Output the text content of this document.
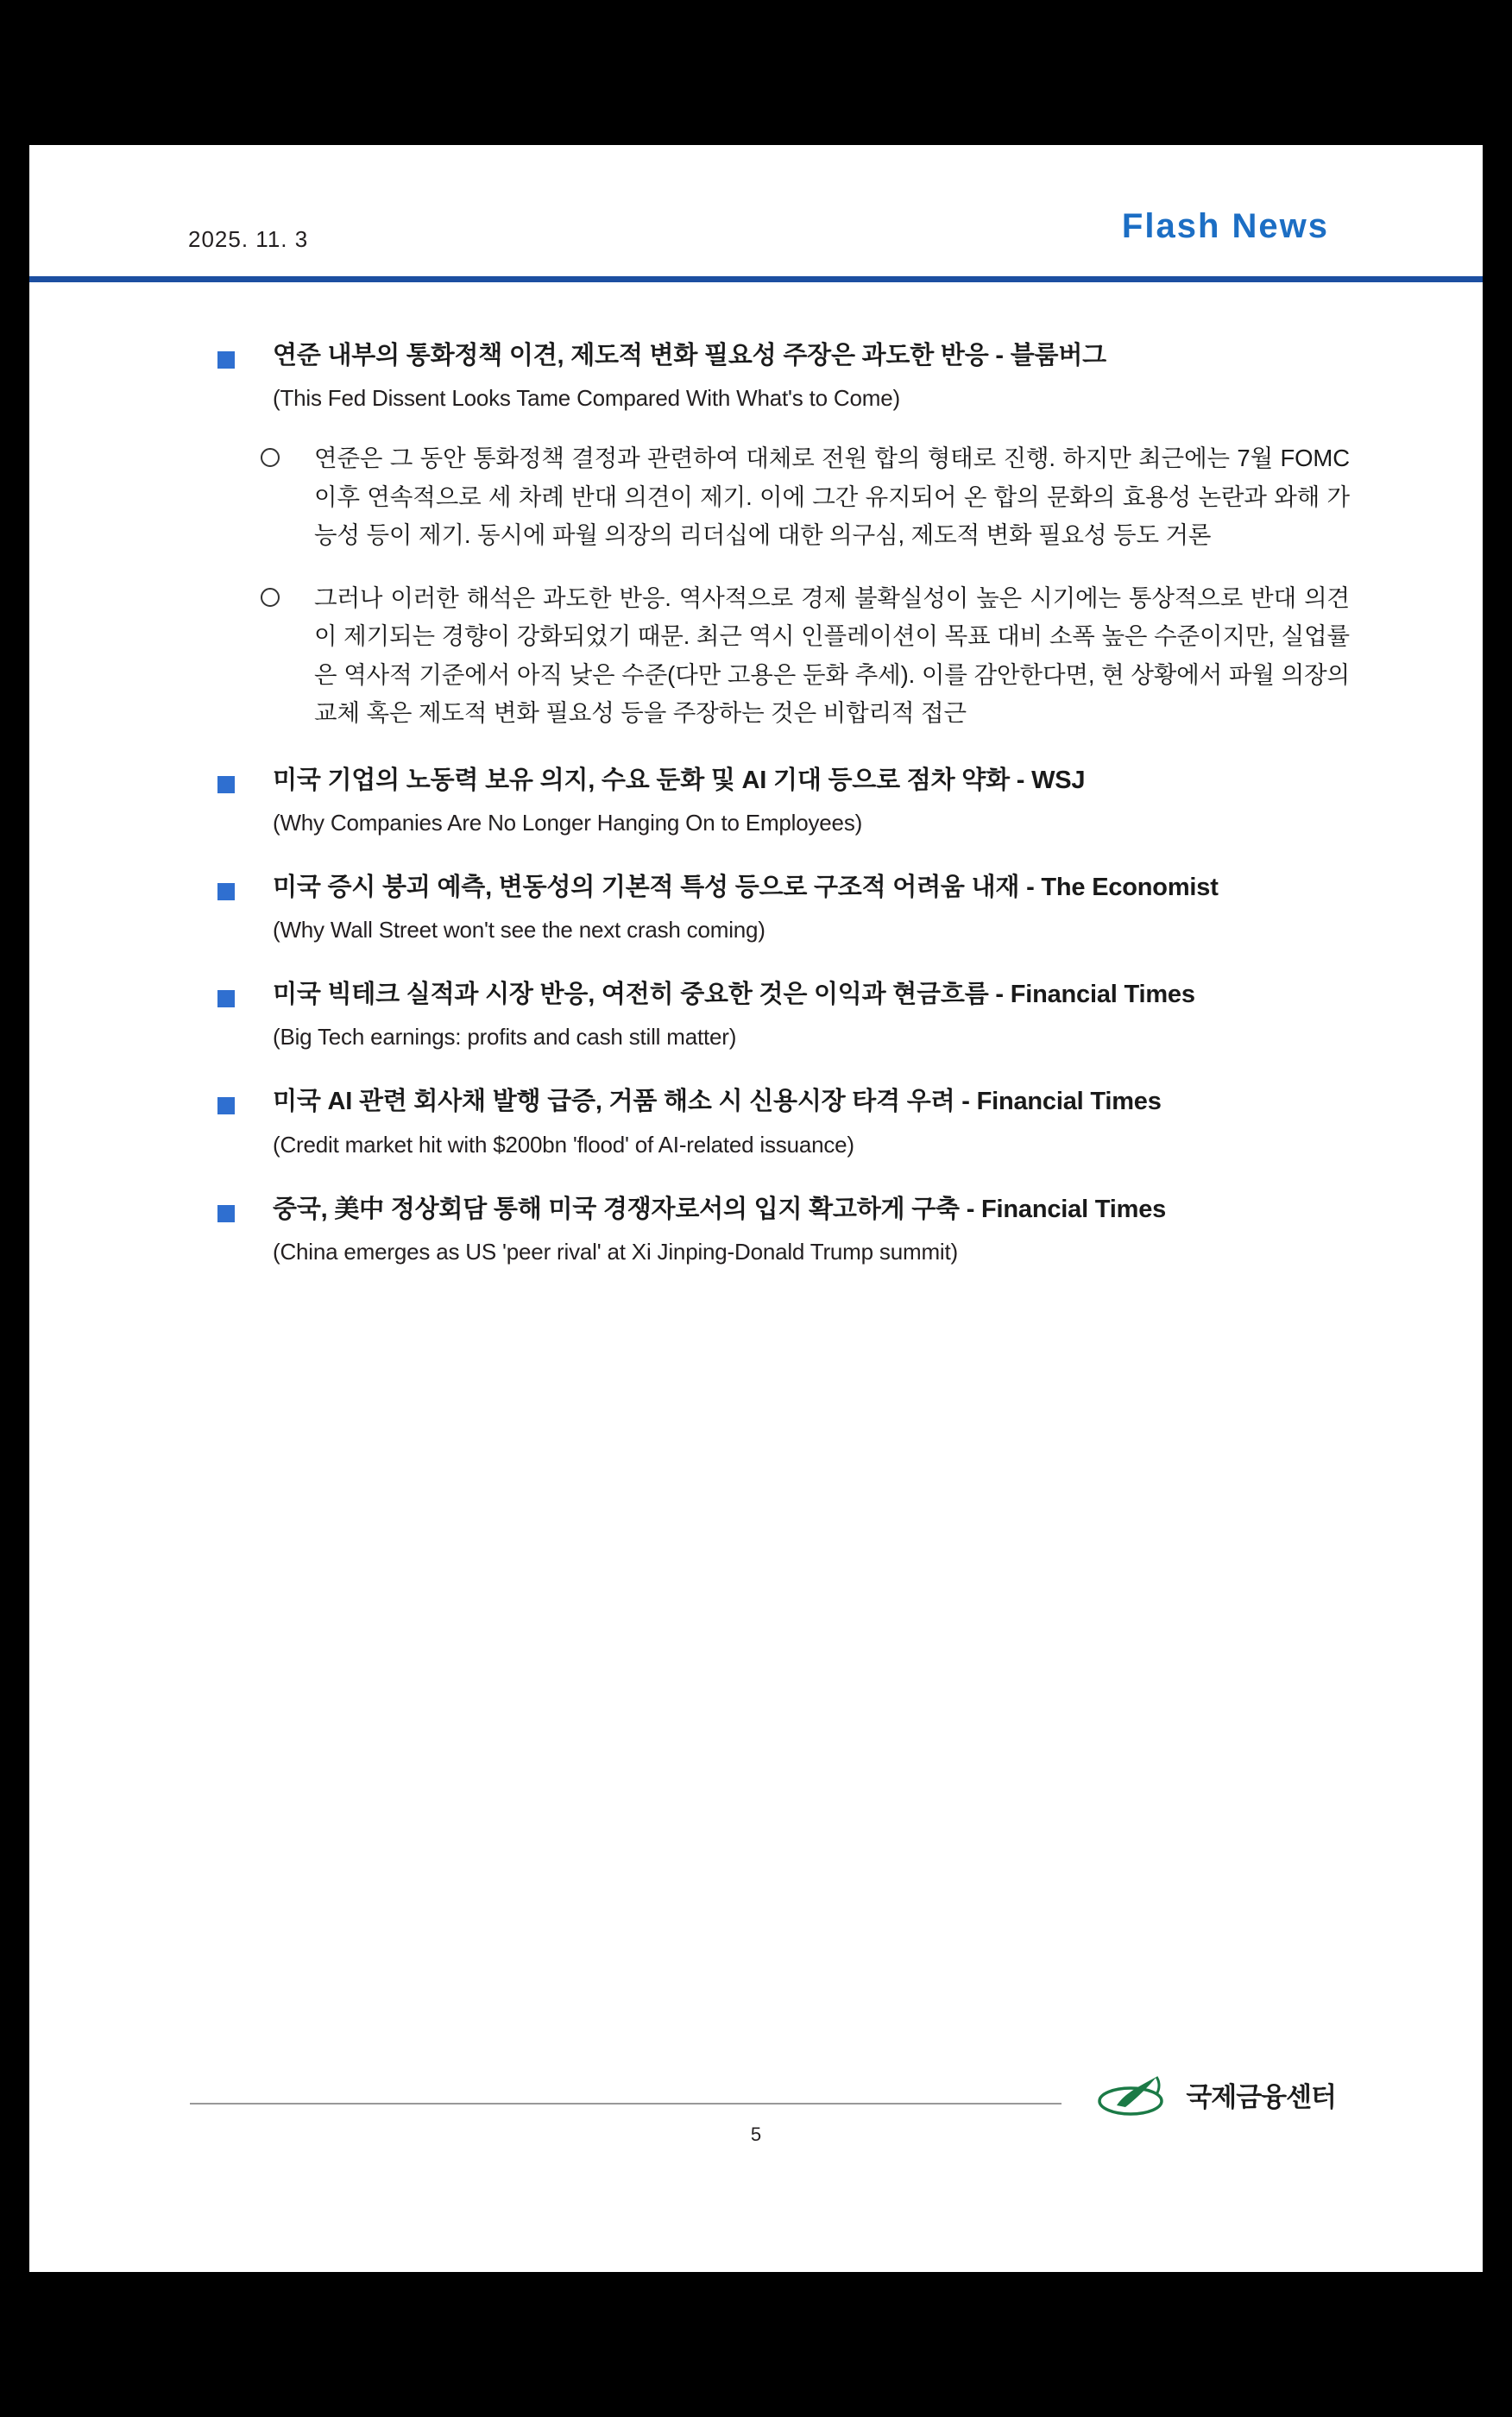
2025. 11. 3	Flash News
연준 내부의 통화정책 이견, 제도적 변화 필요성 주장은 과도한 반응 - 블룸버그
(This Fed Dissent Looks Tame Compared With What's to Come)
연준은 그 동안 통화정책 결정과 관련하여 대체로 전원 합의 형태로 진행. 하지만 최근에는 7월 FOMC 이후 연속적으로 세 차례 반대 의견이 제기. 이에 그간 유지되어 온 합의 문화의 효용성 논란과 와해 가능성 등이 제기. 동시에 파월 의장의 리더십에 대한 의구심, 제도적 변화 필요성 등도 거론
그러나 이러한 해석은 과도한 반응. 역사적으로 경제 불확실성이 높은 시기에는 통상적으로 반대 의견이 제기되는 경향이 강화되었기 때문. 최근 역시 인플레이션이 목표 대비 소폭 높은 수준이지만, 실업률은 역사적 기준에서 아직 낮은 수준(다만 고용은 둔화 추세). 이를 감안한다면, 현 상황에서 파월 의장의 교체 혹은 제도적 변화 필요성 등을 주장하는 것은 비합리적 접근
미국 기업의 노동력 보유 의지, 수요 둔화 및 AI 기대 등으로 점차 약화 - WSJ
(Why Companies Are No Longer Hanging On to Employees)
미국 증시 붕괴 예측, 변동성의 기본적 특성 등으로 구조적 어려움 내재 - The Economist
(Why Wall Street won't see the next crash coming)
미국 빅테크 실적과 시장 반응, 여전히 중요한 것은 이익과 현금흐름 - Financial Times
(Big Tech earnings: profits and cash still matter)
미국 AI 관련 회사채 발행 급증, 거품 해소 시 신용시장 타격 우려 - Financial Times
(Credit market hit with $200bn 'flood' of AI-related issuance)
중국, 美中 정상회담 통해 미국 경쟁자로서의 입지 확고하게 구축 - Financial Times
(China emerges as US 'peer rival' at Xi Jinping-Donald Trump summit)
5
국제금융센터
